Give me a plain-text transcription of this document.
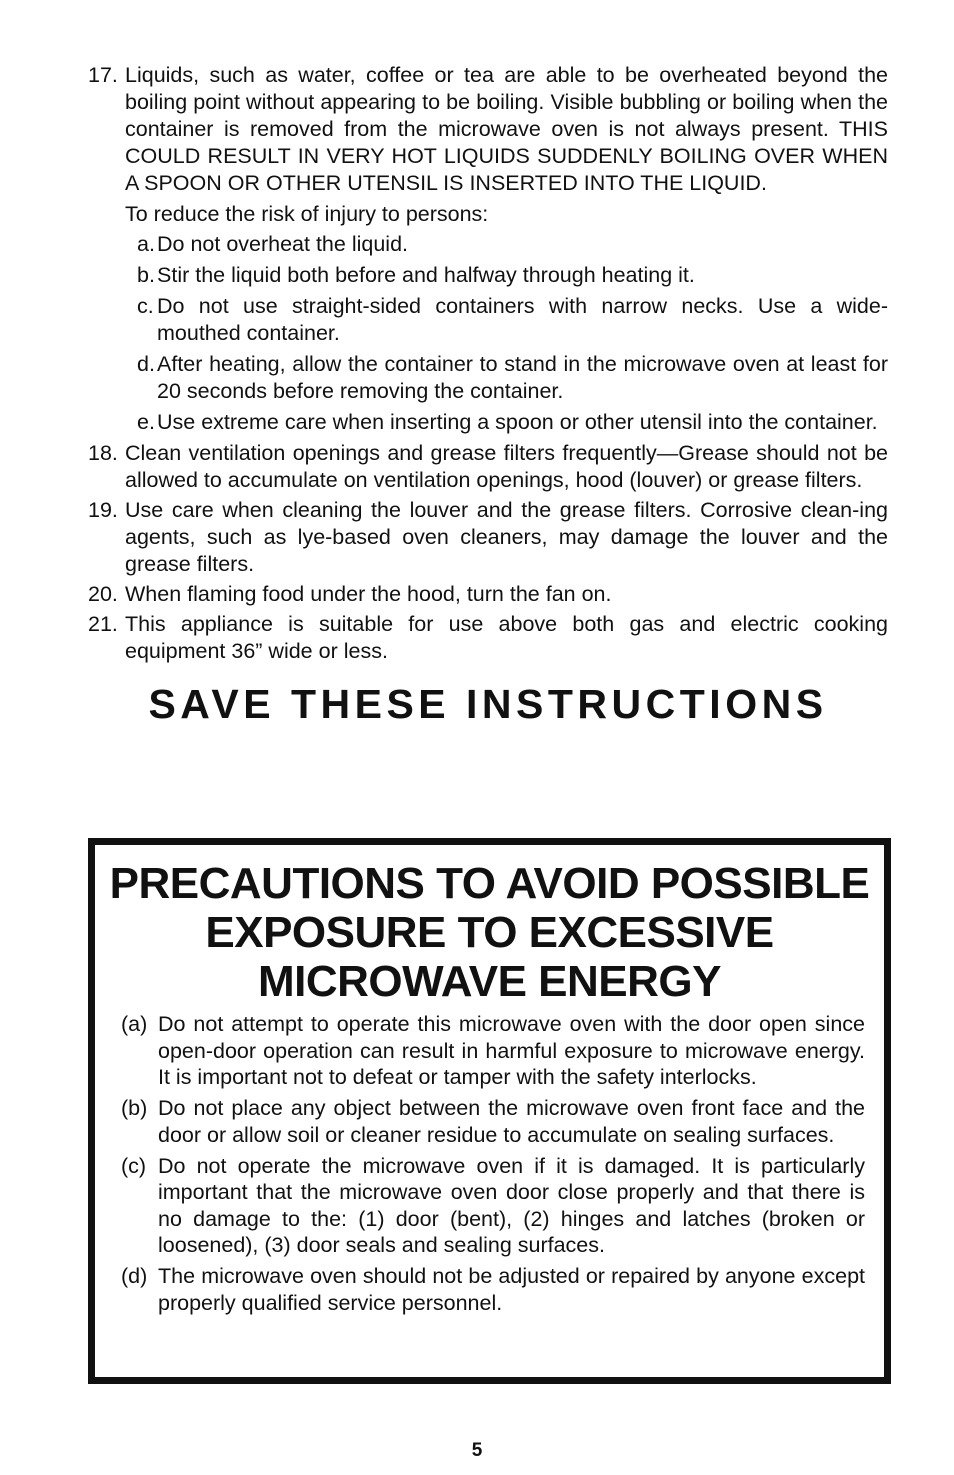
17. Liquids, such as water, coffee or tea are able to be overheated beyond the boiling point without appearing to be boiling. Visible bubbling or boiling when the container is removed from the microwave oven is not always present. THIS COULD RESULT IN VERY HOT LIQUIDS SUDDENLY BOILING OVER WHEN A SPOON OR OTHER UTENSIL IS INSERTED INTO THE LIQUID.
To reduce the risk of injury to persons:
a. Do not overheat the liquid.
b. Stir the liquid both before and halfway through heating it.
c. Do not use straight-sided containers with narrow necks. Use a wide-mouthed container.
d. After heating, allow the container to stand in the microwave oven at least for 20 seconds before removing the container.
e. Use extreme care when inserting a spoon or other utensil into the container.
18. Clean ventilation openings and grease filters frequently—Grease should not be allowed to accumulate on ventilation openings, hood (louver) or grease filters.
19. Use care when cleaning the louver and the grease filters. Corrosive clean-ing agents, such as lye-based oven cleaners, may damage the louver and the grease filters.
20. When flaming food under the hood, turn the fan on.
21. This appliance is suitable for use above both gas and electric cooking equipment 36” wide or less.
SAVE THESE INSTRUCTIONS
PRECAUTIONS TO AVOID POSSIBLE
EXPOSURE TO EXCESSIVE
MICROWAVE ENERGY
(a) Do not attempt to operate this microwave oven with the door open since open-door operation can result in harmful exposure to microwave energy. It is important not to defeat or tamper with the safety interlocks.
(b) Do not place any object between the microwave oven front face and the door or allow soil or cleaner residue to accumulate on sealing surfaces.
(c) Do not operate the microwave oven if it is damaged. It is particularly important that the microwave oven door close properly and that there is no damage to the: (1) door (bent), (2) hinges and latches (broken or loosened), (3) door seals and sealing surfaces.
(d) The microwave oven should not be adjusted or repaired by anyone except properly qualified service personnel.
5
